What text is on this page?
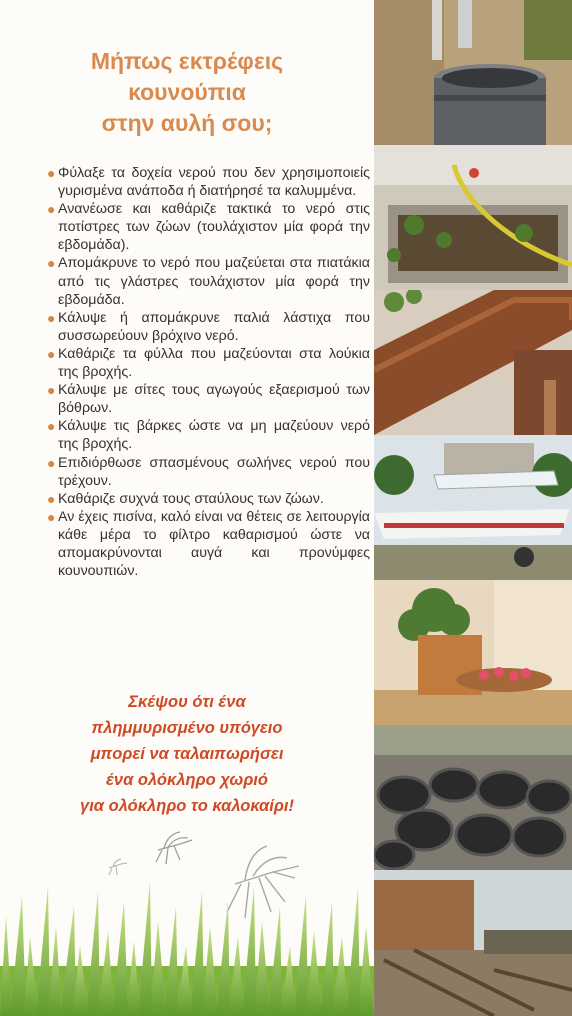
Μήπως εκτρέφεις
κουνούπια
στην αυλή σου;
● Φύλαξε τα δοχεία νερού που δεν χρησιμοποιείς γυρισμένα ανάποδα ή διατήρησέ τα καλυμμένα.
● Ανανέωσε και καθάριζε τακτικά το νερό στις ποτίστρες των ζώων (τουλάχιστον μία φορά την εβδομάδα).
● Απομάκρυνε το νερό που μαζεύεται στα πιατάκια από τις γλάστρες τουλάχιστον μία φορά την εβδομάδα.
● Κάλυψε ή απομάκρυνε παλιά λάστιχα που συσσωρεύουν βρόχινο νερό.
● Καθάριζε τα φύλλα που μαζεύονται στα λούκια της βροχής.
● Κάλυψε με σίτες τους αγωγούς εξαερισμού των βόθρων.
● Κάλυψε τις βάρκες ώστε να μη μαζεύουν νερό της βροχής.
● Επιδιόρθωσε σπασμένους σωλήνες νερού που τρέχουν.
● Καθάριζε συχνά τους σταύλους των ζώων.
● Αν έχεις πισίνα, καλό είναι να θέτεις σε λειτουργία κάθε μέρα το φίλτρο καθαρισμού ώστε να απομακρύνονται αυγά και προνύμφες κουνουπιών.
Σκέψου ότι ένα
πλημμυρισμένο υπόγειο
μπορεί να ταλαιπωρήσει
ένα ολόκληρο χωριό
για ολόκληρο το καλοκαίρι!
